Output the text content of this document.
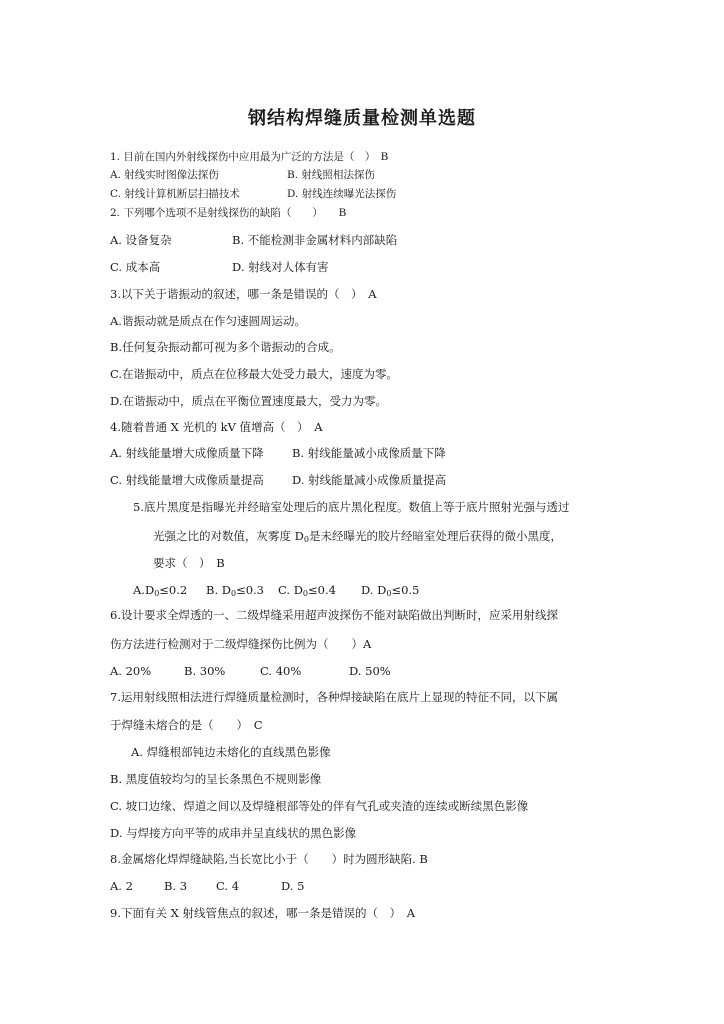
钢结构焊缝质量检测单选题
1. 目前在国内外射线探伤中应用最为广泛的方法是（　）　B
A. 射线实时图像法探伤	B. 射线照相法探伤
C. 射线计算机断层扫描技术	D. 射线连续曝光法探伤
2. 下列哪个选项不是射线探伤的缺陷（　　）　　B
A. 设备复杂	B. 不能检测非金属材料内部缺陷
C. 成本高	D. 射线对人体有害
3.以下关于谐振动的叙述，哪一条是错误的（　）　A
A.谐振动就是质点在作匀速圆周运动。
B.任何复杂振动都可视为多个谐振动的合成。
C.在谐振动中，质点在位移最大处受力最大，速度为零。
D.在谐振动中，质点在平衡位置速度最大，受力为零。
4.随着普通 X 光机的 kV 值增高（　）　A
A. 射线能量增大成像质量下降 B. 射线能量减小成像质量下降
C. 射线能量增大成像质量提高 D. 射线能量减小成像质量提高
5.底片黑度是指曝光并经暗室处理后的底片黑化程度。数值上等于底片照射光强与透过
光强之比的对数值，灰雾度 $D_0$是未经曝光的胶片经暗室处理后获得的微小黑度，
要求（　）　B
$A.D_0\le 0.2$ B. $D_0\le 0.3$ C. $D_0\le 0.4$ D. $D_0\le 0.5$
6.设计要求全焊透的一、二级焊缝采用超声波探伤不能对缺陷做出判断时，应采用射线探
伤方法进行检测对于二级焊缝探伤比例为（　　）A
A. 20%	B. 30%	C. 40%	D. 50%
7.运用射线照相法进行焊缝质量检测时，各种焊接缺陷在底片上显现的特征不同，以下属
于焊缝未熔合的是（　　）　C
A. 焊缝根部钝边未熔化的直线黑色影像
B. 黑度值较均匀的呈长条黑色不规则影像
C. 坡口边缘、焊道之间以及焊缝根部等处的伴有气孔或夹渣的连续或断续黑色影像
D. 与焊接方向平等的成串并呈直线状的黑色影像
8.金属熔化焊焊缝缺陷,当长宽比小于（　　）时为圆形缺陷. B
A. 2	B. 3	C. 4	D. 5
9.下面有关 X 射线管焦点的叙述，哪一条是错误的（　）　A
